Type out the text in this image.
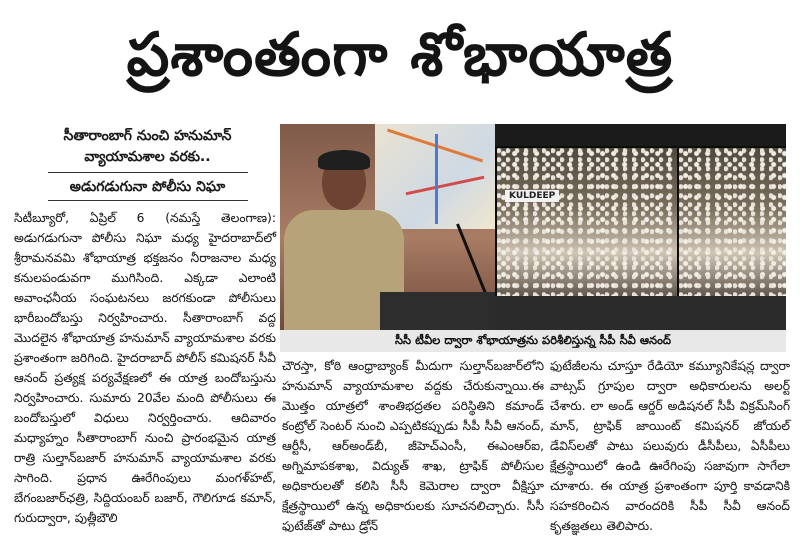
ప్రశాంతంగా శోభాయాత్ర
సీతారాంబాగ్ నుంచి హనుమాన్
వ్యాయామశాల వరకు..
అడుగడుగునా పోలీసు నిఘా
సిటీబ్యూరో, ఏప్రిల్ 6 (నమస్తే తెలంగాణ): అడుగడుగునా పోలీసు నిఘా మధ్య హైదరాబాద్‌లో శ్రీరామనవమి శోభాయాత్ర భక్తజనం నీరాజనాల మధ్య కనులపండువగా ముగిసింది. ఎక్కడా ఎలాంటి అవాంఛనీయ సంఘటనలు జరగకుండా పోలీసులు భారీబందోబస్తు నిర్వహించారు. సీతారాంబాగ్ వద్ద మొదలైన శోభాయాత్ర హనుమాన్ వ్యాయామశాల వరకు ప్రశాంతంగా జరిగింది. హైదరాబాద్ పోలీస్ కమిషనర్ సీవీ ఆనంద్ ప్రత్యక్ష పర్యవేక్షణలో ఈ యాత్ర బందోబస్తును నిర్వహించారు. సుమారు 20వేల మంది పోలీసులు ఈ బందోబస్తులో విధులు నిర్వర్తించారు. ఆదివారం మధ్యాహ్నం సీతారాంబాగ్ నుంచి ప్రారంభమైన యాత్ర రాత్రి సుల్తాన్‌బజార్ హనుమాన్ వ్యాయామశాల వరకు సాగింది. ప్రధాన ఊరేగింపులు మంగళ్‌హట్, బేగంబజార్‌ఛత్రి, సిద్దియంబర్ బజార్, గౌలిగూడ కమాన్, గురుద్వారా, పుత్లీబౌలి
KULDEEP
సీసీ టీవీల ద్వారా శోభాయాత్రను పరిశీలిస్తున్న సీపీ సీవీ ఆనంద్
చౌరస్తా, కోఠి ఆంధ్రాబ్యాంక్ మీదుగా సుల్తాన్‌బజార్‌లోని హనుమాన్ వ్యాయామశాల వద్దకు చేరుకున్నాయి.ఈ మొత్తం యాత్రలో శాంతిభద్రతల పరిస్థితిని కమాండ్ కంట్రోల్ సెంటర్ నుంచి ఎప్పటికప్పుడు సీపీ సీవీ ఆనంద్, ఆర్టీసీ, ఆర్‌అండ్‌బీ, జీహెచ్‌ఎంసీ, ఈఎంఆర్‌ఐ, అగ్నిమాపకశాఖ, విద్యుత్ శాఖ, ట్రాఫిక్ పోలీసుల అధికారులతో కలిసి సీసీ కెమెరాల ద్వారా వీక్షిస్తూ క్షేత్రస్థాయిలో ఉన్న అధికారులకు సూచనలిచ్చారు. సీసీ ఫుటేజ్‌తో పాటు డ్రోన్
ఫుటేజీలను చూస్తూ రేడియో కమ్యూనికేషన్ల ద్వారా వాట్సప్ గ్రూపుల ద్వారా అధికారులను అలర్ట్ చేశారు. లా అండ్ ఆర్డర్ అడిషనల్ సీపీ విక్రమ్‌సింగ్ మాన్, ట్రాఫిక్ జాయింట్ కమిషనర్ జోయల్ డేవిస్‌లతో పాటు పలువురు డీసీపీలు, ఏసీపీలు క్షేత్రస్థాయిలో ఉండి ఊరేగింపు సజావుగా సాగేలా చూశారు. ఈ యాత్ర ప్రశాంతంగా పూర్తి కావడానికి సహకరించిన వారందరికి సీపీ సీవీ ఆనంద్ కృతజ్ఞతలు తెలిపారు.
